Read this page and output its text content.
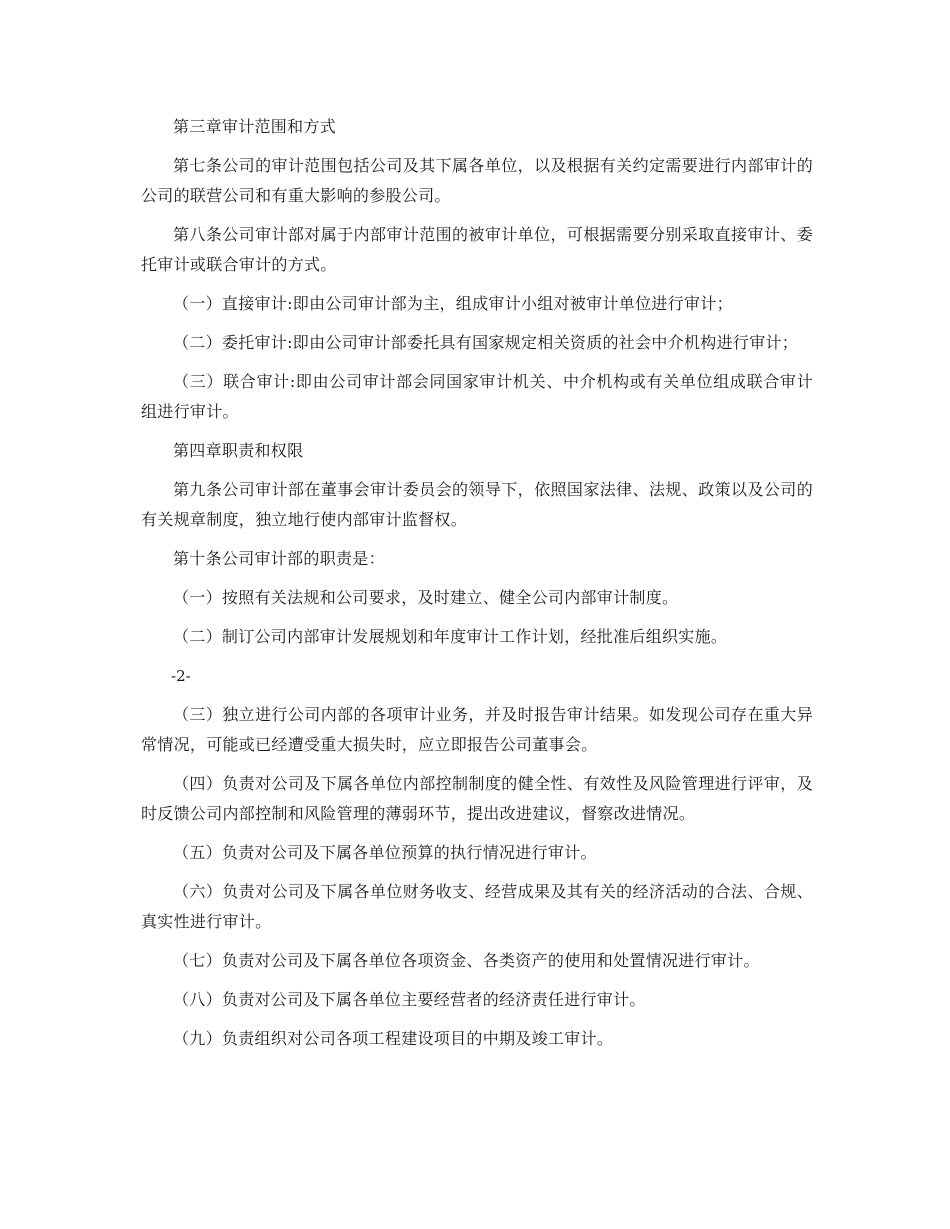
第三章审计范围和方式

第七条公司的审计范围包括公司及其下属各单位，以及根据有关约定需要进行内部审计的公司的联营公司和有重大影响的参股公司。

第八条公司审计部对属于内部审计范围的被审计单位，可根据需要分别采取直接审计、委托审计或联合审计的方式。

（一）直接审计:即由公司审计部为主，组成审计小组对被审计单位进行审计；

（二）委托审计:即由公司审计部委托具有国家规定相关资质的社会中介机构进行审计；

（三）联合审计:即由公司审计部会同国家审计机关、中介机构或有关单位组成联合审计组进行审计。

第四章职责和权限

第九条公司审计部在董事会审计委员会的领导下，依照国家法律、法规、政策以及公司的有关规章制度，独立地行使内部审计监督权。

第十条公司审计部的职责是：

（一）按照有关法规和公司要求，及时建立、健全公司内部审计制度。

（二）制订公司内部审计发展规划和年度审计工作计划，经批准后组织实施。

-2-

（三）独立进行公司内部的各项审计业务，并及时报告审计结果。如发现公司存在重大异常情况，可能或已经遭受重大损失时，应立即报告公司董事会。

（四）负责对公司及下属各单位内部控制制度的健全性、有效性及风险管理进行评审，及时反馈公司内部控制和风险管理的薄弱环节，提出改进建议，督察改进情况。

（五）负责对公司及下属各单位预算的执行情况进行审计。

（六）负责对公司及下属各单位财务收支、经营成果及其有关的经济活动的合法、合规、真实性进行审计。

（七）负责对公司及下属各单位各项资金、各类资产的使用和处置情况进行审计。

（八）负责对公司及下属各单位主要经营者的经济责任进行审计。

（九）负责组织对公司各项工程建设项目的中期及竣工审计。
